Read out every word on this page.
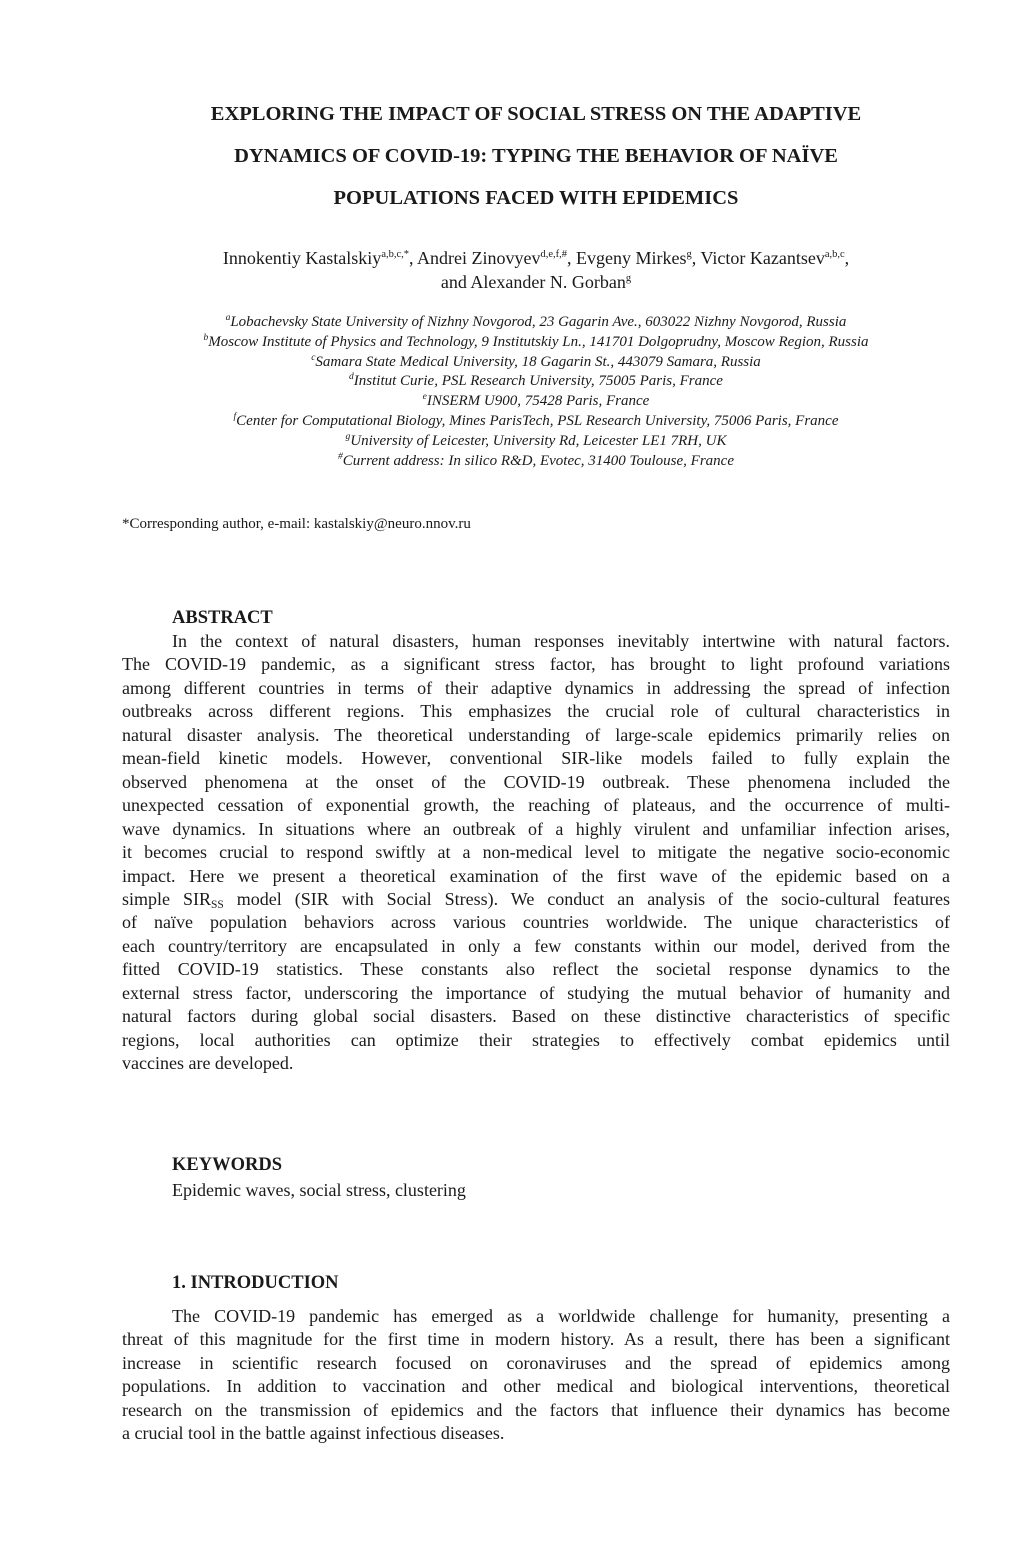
EXPLORING THE IMPACT OF SOCIAL STRESS ON THE ADAPTIVE
DYNAMICS OF COVID-19: TYPING THE BEHAVIOR OF NAÏVE
POPULATIONS FACED WITH EPIDEMICS
Innokentiy Kastalskiy$^{a,b,c,*}$, Andrei Zinovyev$^{d,e,f,\#}$, Evgeny Mirkes$^g$, Victor Kazantsev$^{a,b,c}$,
and Alexander N. Gorban$^g$
$^a$Lobachevsky State University of Nizhny Novgorod, 23 Gagarin Ave., 603022 Nizhny Novgorod, Russia
$^b$Moscow Institute of Physics and Technology, 9 Institutskiy Ln., 141701 Dolgoprudny, Moscow Region, Russia
$^c$Samara State Medical University, 18 Gagarin St., 443079 Samara, Russia
$^d$Institut Curie, PSL Research University, 75005 Paris, France
$^e$INSERM U900, 75428 Paris, France
$^f$Center for Computational Biology, Mines ParisTech, PSL Research University, 75006 Paris, France
$^g$University of Leicester, University Rd, Leicester LE1 7RH, UK
#Current address: In silico R&D, Evotec, 31400 Toulouse, France
*Corresponding author, e-mail: kastalskiy@neuro.nnov.ru
ABSTRACT
In the context of natural disasters, human responses inevitably intertwine with natural factors.
The COVID-19 pandemic, as a significant stress factor, has brought to light profound variations
among different countries in terms of their adaptive dynamics in addressing the spread of infection
outbreaks across different regions. This emphasizes the crucial role of cultural characteristics in
natural disaster analysis. The theoretical understanding of large-scale epidemics primarily relies on
mean-field kinetic models. However, conventional SIR-like models failed to fully explain the
observed phenomena at the onset of the COVID-19 outbreak. These phenomena included the
unexpected cessation of exponential growth, the reaching of plateaus, and the occurrence of multi-
wave dynamics. In situations where an outbreak of a highly virulent and unfamiliar infection arises,
it becomes crucial to respond swiftly at a non-medical level to mitigate the negative socio-economic
impact. Here we present a theoretical examination of the first wave of the epidemic based on a
simple $SIR_{SS}$ model (SIR with Social Stress). We conduct an analysis of the socio-cultural features
of naïve population behaviors across various countries worldwide. The unique characteristics of
each country/territory are encapsulated in only a few constants within our model, derived from the
fitted COVID-19 statistics. These constants also reflect the societal response dynamics to the
external stress factor, underscoring the importance of studying the mutual behavior of humanity and
natural factors during global social disasters. Based on these distinctive characteristics of specific
regions, local authorities can optimize their strategies to effectively combat epidemics until
vaccines are developed.
KEYWORDS
Epidemic waves, social stress, clustering
1. INTRODUCTION
The COVID-19 pandemic has emerged as a worldwide challenge for humanity, presenting a
threat of this magnitude for the first time in modern history. As a result, there has been a significant
increase in scientific research focused on coronaviruses and the spread of epidemics among
populations. In addition to vaccination and other medical and biological interventions, theoretical
research on the transmission of epidemics and the factors that influence their dynamics has become
a crucial tool in the battle against infectious diseases.
